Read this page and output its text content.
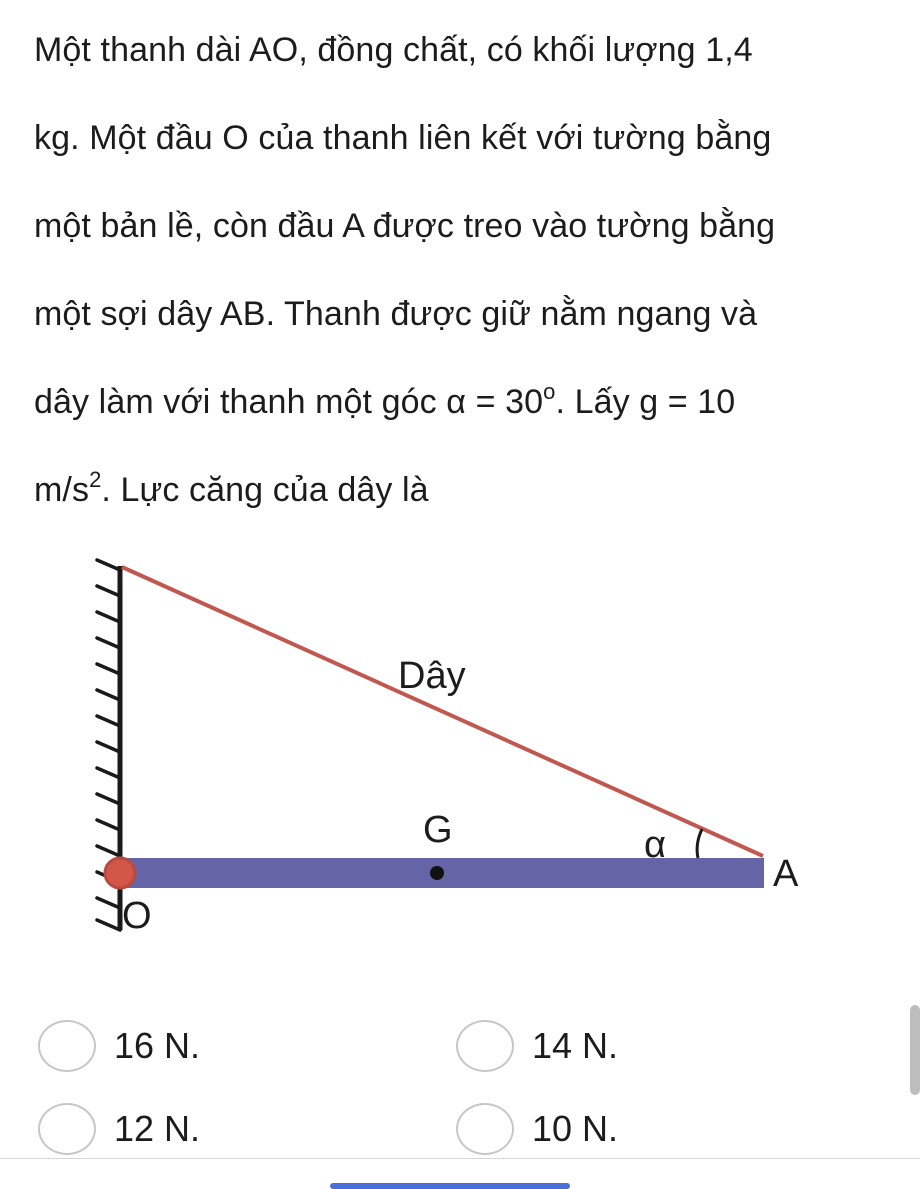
Một thanh dài AO, đồng chất, có khối lượng 1,4
kg. Một đầu O của thanh liên kết với tường bằng
một bản lề, còn đầu A được treo vào tường bằng
một sợi dây AB. Thanh được giữ nằm ngang và
dây làm với thanh một góc $\alpha = 30^o$. Lấy g = 10
$m/s^2$. Lực căng của dây là
Dây
G	α
A
O
16 N.	14 N.
12 N.	10 N.
